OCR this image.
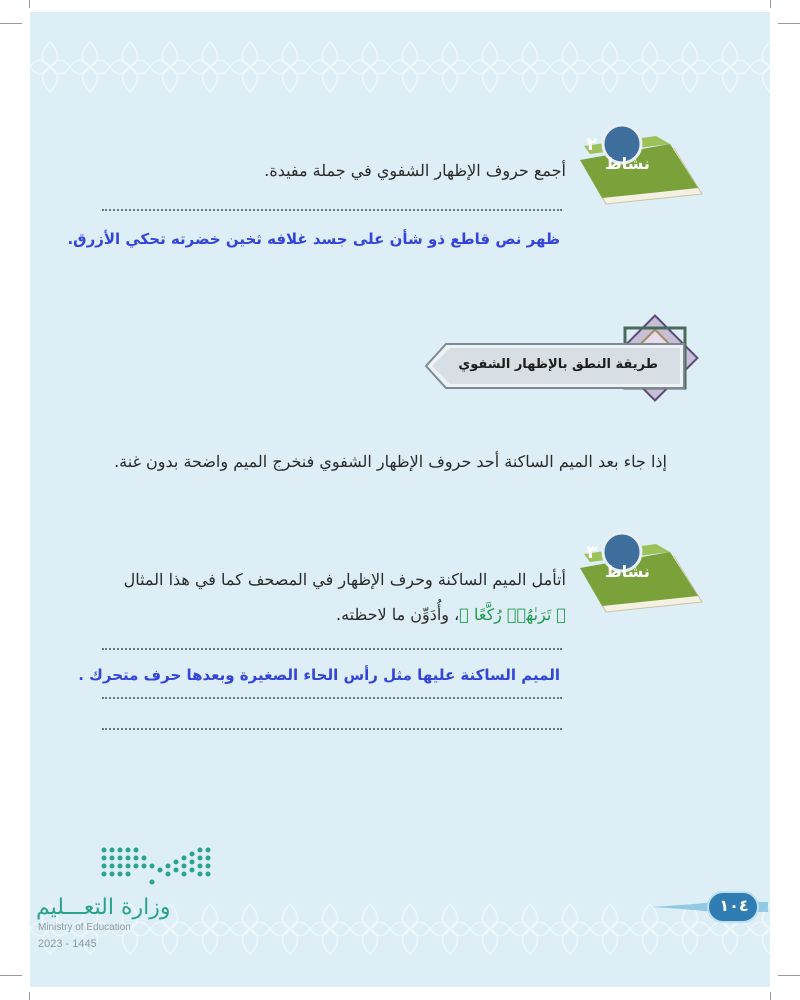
٢
نشاط
أجمع حروف الإظهار الشفوي في جملة مفيدة.
ظهر نص قاطع ذو شأن على جسد غلافه ثخين خضرته تحكي الأزرق.
طريقة النطق بالإظهار الشفوي
إذا جاء بعد الميم الساكنة أحد حروف الإظهار الشفوي فنخرج الميم واضحة بدون غنة.
٣
نشاط
أتأمل الميم الساكنة وحرف الإظهار في المصحف كما في هذا المثال
﴿ تَرَىٰهُمۡ رُكَّعًا ﴾، وأُدَوِّن ما لاحظته.
الميم الساكنة عليها مثل رأس الحاء الصغيرة وبعدها حرف متحرك .
١٠٤
وزارة التعـــليم
Ministry of Education
2023 - 1445
